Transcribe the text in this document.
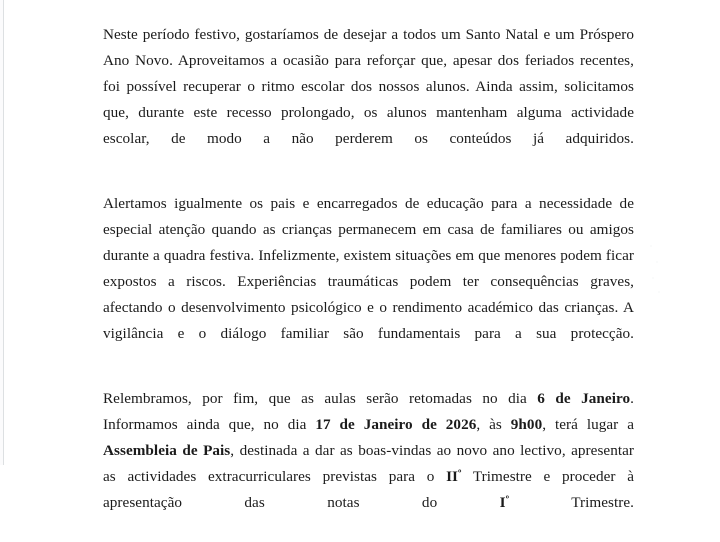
Neste período festivo, gostaríamos de desejar a todos um Santo Natal e um Próspero Ano Novo. Aproveitamos a ocasião para reforçar que, apesar dos feriados recentes, foi possível recuperar o ritmo escolar dos nossos alunos. Ainda assim, solicitamos que, durante este recesso prolongado, os alunos mantenham alguma actividade escolar, de modo a não perderem os conteúdos já adquiridos.

Alertamos igualmente os pais e encarregados de educação para a necessidade de especial atenção quando as crianças permanecem em casa de familiares ou amigos durante a quadra festiva. Infelizmente, existem situações em que menores podem ficar expostos a riscos. Experiências traumáticas podem ter consequências graves, afectando o desenvolvimento psicológico e o rendimento académico das crianças. A vigilância e o diálogo familiar são fundamentais para a sua protecção.

Relembramos, por fim, que as aulas serão retomadas no dia 6 de Janeiro. Informamos ainda que, no dia 17 de Janeiro de 2026, às 9h00, terá lugar a Assembleia de Pais, destinada a dar as boas-vindas ao novo ano lectivo, apresentar as actividades extracurriculares previstas para o $II^º$ Trimestre e proceder à apresentação das notas do $I^º$ Trimestre.
